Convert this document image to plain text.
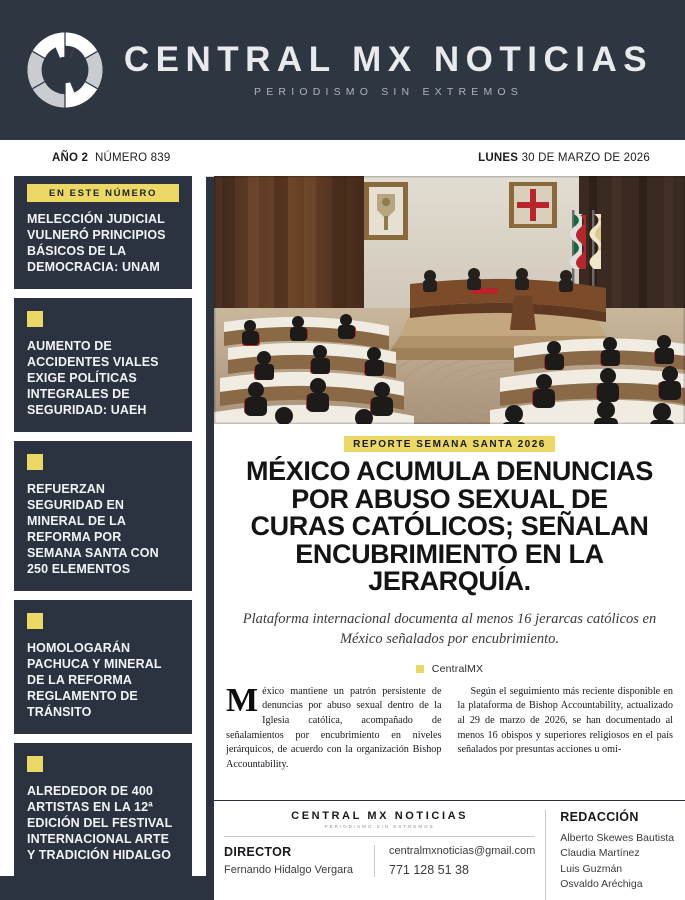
CENTRAL MX NOTICIAS
PERIODISMO SIN EXTREMOS
AÑO 2 NÚMERO 839	LUNES 30 DE MARZO DE 2026
EN ESTE NÚMERO
MELECCIÓN JUDICIAL VULNERÓ PRINCIPIOS BÁSICOS DE LA DEMOCRACIA: UNAM
AUMENTO DE ACCIDENTES VIALES EXIGE POLÍTICAS INTEGRALES DE SEGURIDAD: UAEH
REFUERZAN SEGURIDAD EN MINERAL DE LA REFORMA POR SEMANA SANTA CON 250 ELEMENTOS
HOMOLOGARÁN PACHUCA Y MINERAL DE LA REFORMA REGLAMENTO DE TRÁNSITO
ALREDEDOR DE 400 ARTISTAS EN LA 12ª EDICIÓN DEL FESTIVAL INTERNACIONAL ARTE Y TRADICIÓN HIDALGO
REPORTE SEMANA SANTA 2026
MÉXICO ACUMULA DENUNCIAS
POR ABUSO SEXUAL DE
CURAS CATÓLICOS; SEÑALAN
ENCUBRIMIENTO EN LA JERARQUÍA.

Plataforma internacional documenta al menos 16 jerarcas católicos en México señalados por encubrimiento.

CentralMX

México mantiene un patrón persistente de denuncias por abuso sexual dentro de la Iglesia católica, acompañado de señalamientos por encubrimiento en niveles jerárquicos, de acuerdo con la organización Bishop Accountability.

Según el seguimiento más reciente disponible en la plataforma de Bishop Accountability, actualizado al 29 de marzo de 2026, se han documentado al menos 16 obispos y superiores religiosos en el país señalados por presuntas acciones u omi-

CENTRAL MX NOTICIAS
PERIODISMO SIN EXTREMOS
DIRECTOR
Fernando Hidalgo Vergara
centralmxnoticias@gmail.com
771 128 51 38
REDACCIÓN
Alberto Skewes Bautista
Claudia Martínez
Luis Guzmán
Osvaldo Aréchiga
